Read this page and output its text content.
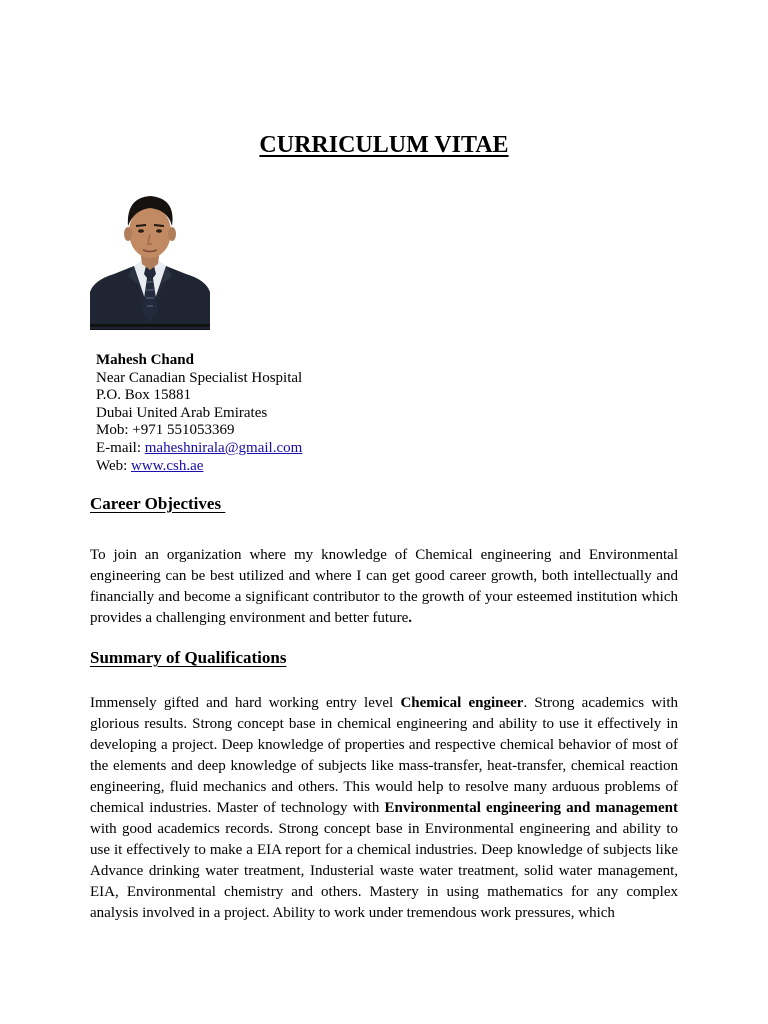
CURRICULUM VITAE
Mahesh Chand
Near Canadian Specialist Hospital
P.O. Box 15881
Dubai United Arab Emirates
Mob: +971 551053369
E-mail: maheshnirala@gmail.com
Web: www.csh.ae
Career Objectives

To join an organization where my knowledge of Chemical engineering and Environmental engineering can be best utilized and where I can get good career growth, both intellectually and financially and become a significant contributor to the growth of your esteemed institution which provides a challenging environment and better future.

Summary of Qualifications

Immensely gifted and hard working entry level Chemical engineer. Strong academics with glorious results. Strong concept base in chemical engineering and ability to use it effectively in developing a project. Deep knowledge of properties and respective chemical behavior of most of the elements and deep knowledge of subjects like mass-transfer, heat-transfer, chemical reaction engineering, fluid mechanics and others. This would help to resolve many arduous problems of chemical industries. Master of technology with Environmental engineering and management with good academics records. Strong concept base in Environmental engineering and ability to use it effectively to make a EIA report for a chemical industries. Deep knowledge of subjects like Advance drinking water treatment, Industerial waste water treatment, solid water management, EIA, Environmental chemistry and others. Mastery in using mathematics for any complex analysis involved in a project. Ability to work under tremendous work pressures, which
